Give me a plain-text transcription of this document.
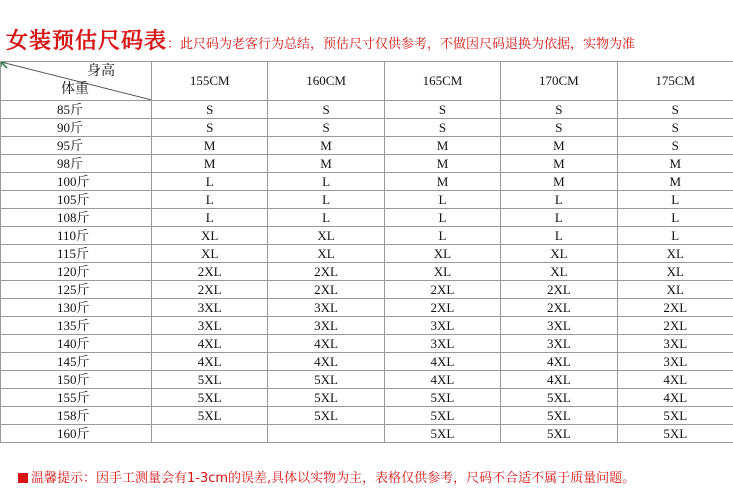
女装预估尺码表：此尺码为老客行为总结，预估尺寸仅供参考，不做因尺码退换为依据，实物为准
身高
体重	155CM	160CM	165CM	170CM	175CM
85斤	S	S	S	S	S
90斤	S	S	S	S	S
95斤	M	M	M	M	S
98斤	M	M	M	M	M
100斤	L	L	M	M	M
105斤	L	L	L	L	L
108斤	L	L	L	L	L
110斤	XL	XL	L	L	L
115斤	XL	XL	XL	XL	XL
120斤	2XL	2XL	XL	XL	XL
125斤	2XL	2XL	2XL	2XL	XL
130斤	3XL	3XL	2XL	2XL	2XL
135斤	3XL	3XL	3XL	3XL	2XL
140斤	4XL	4XL	3XL	3XL	3XL
145斤	4XL	4XL	4XL	4XL	3XL
150斤	5XL	5XL	4XL	4XL	4XL
155斤	5XL	5XL	5XL	5XL	4XL
158斤	5XL	5XL	5XL	5XL	5XL
160斤			5XL	5XL	5XL
温馨提示：因手工测量会有1-3cm的误差,具体以实物为主，表格仅供参考，尺码不合适不属于质量问题。
